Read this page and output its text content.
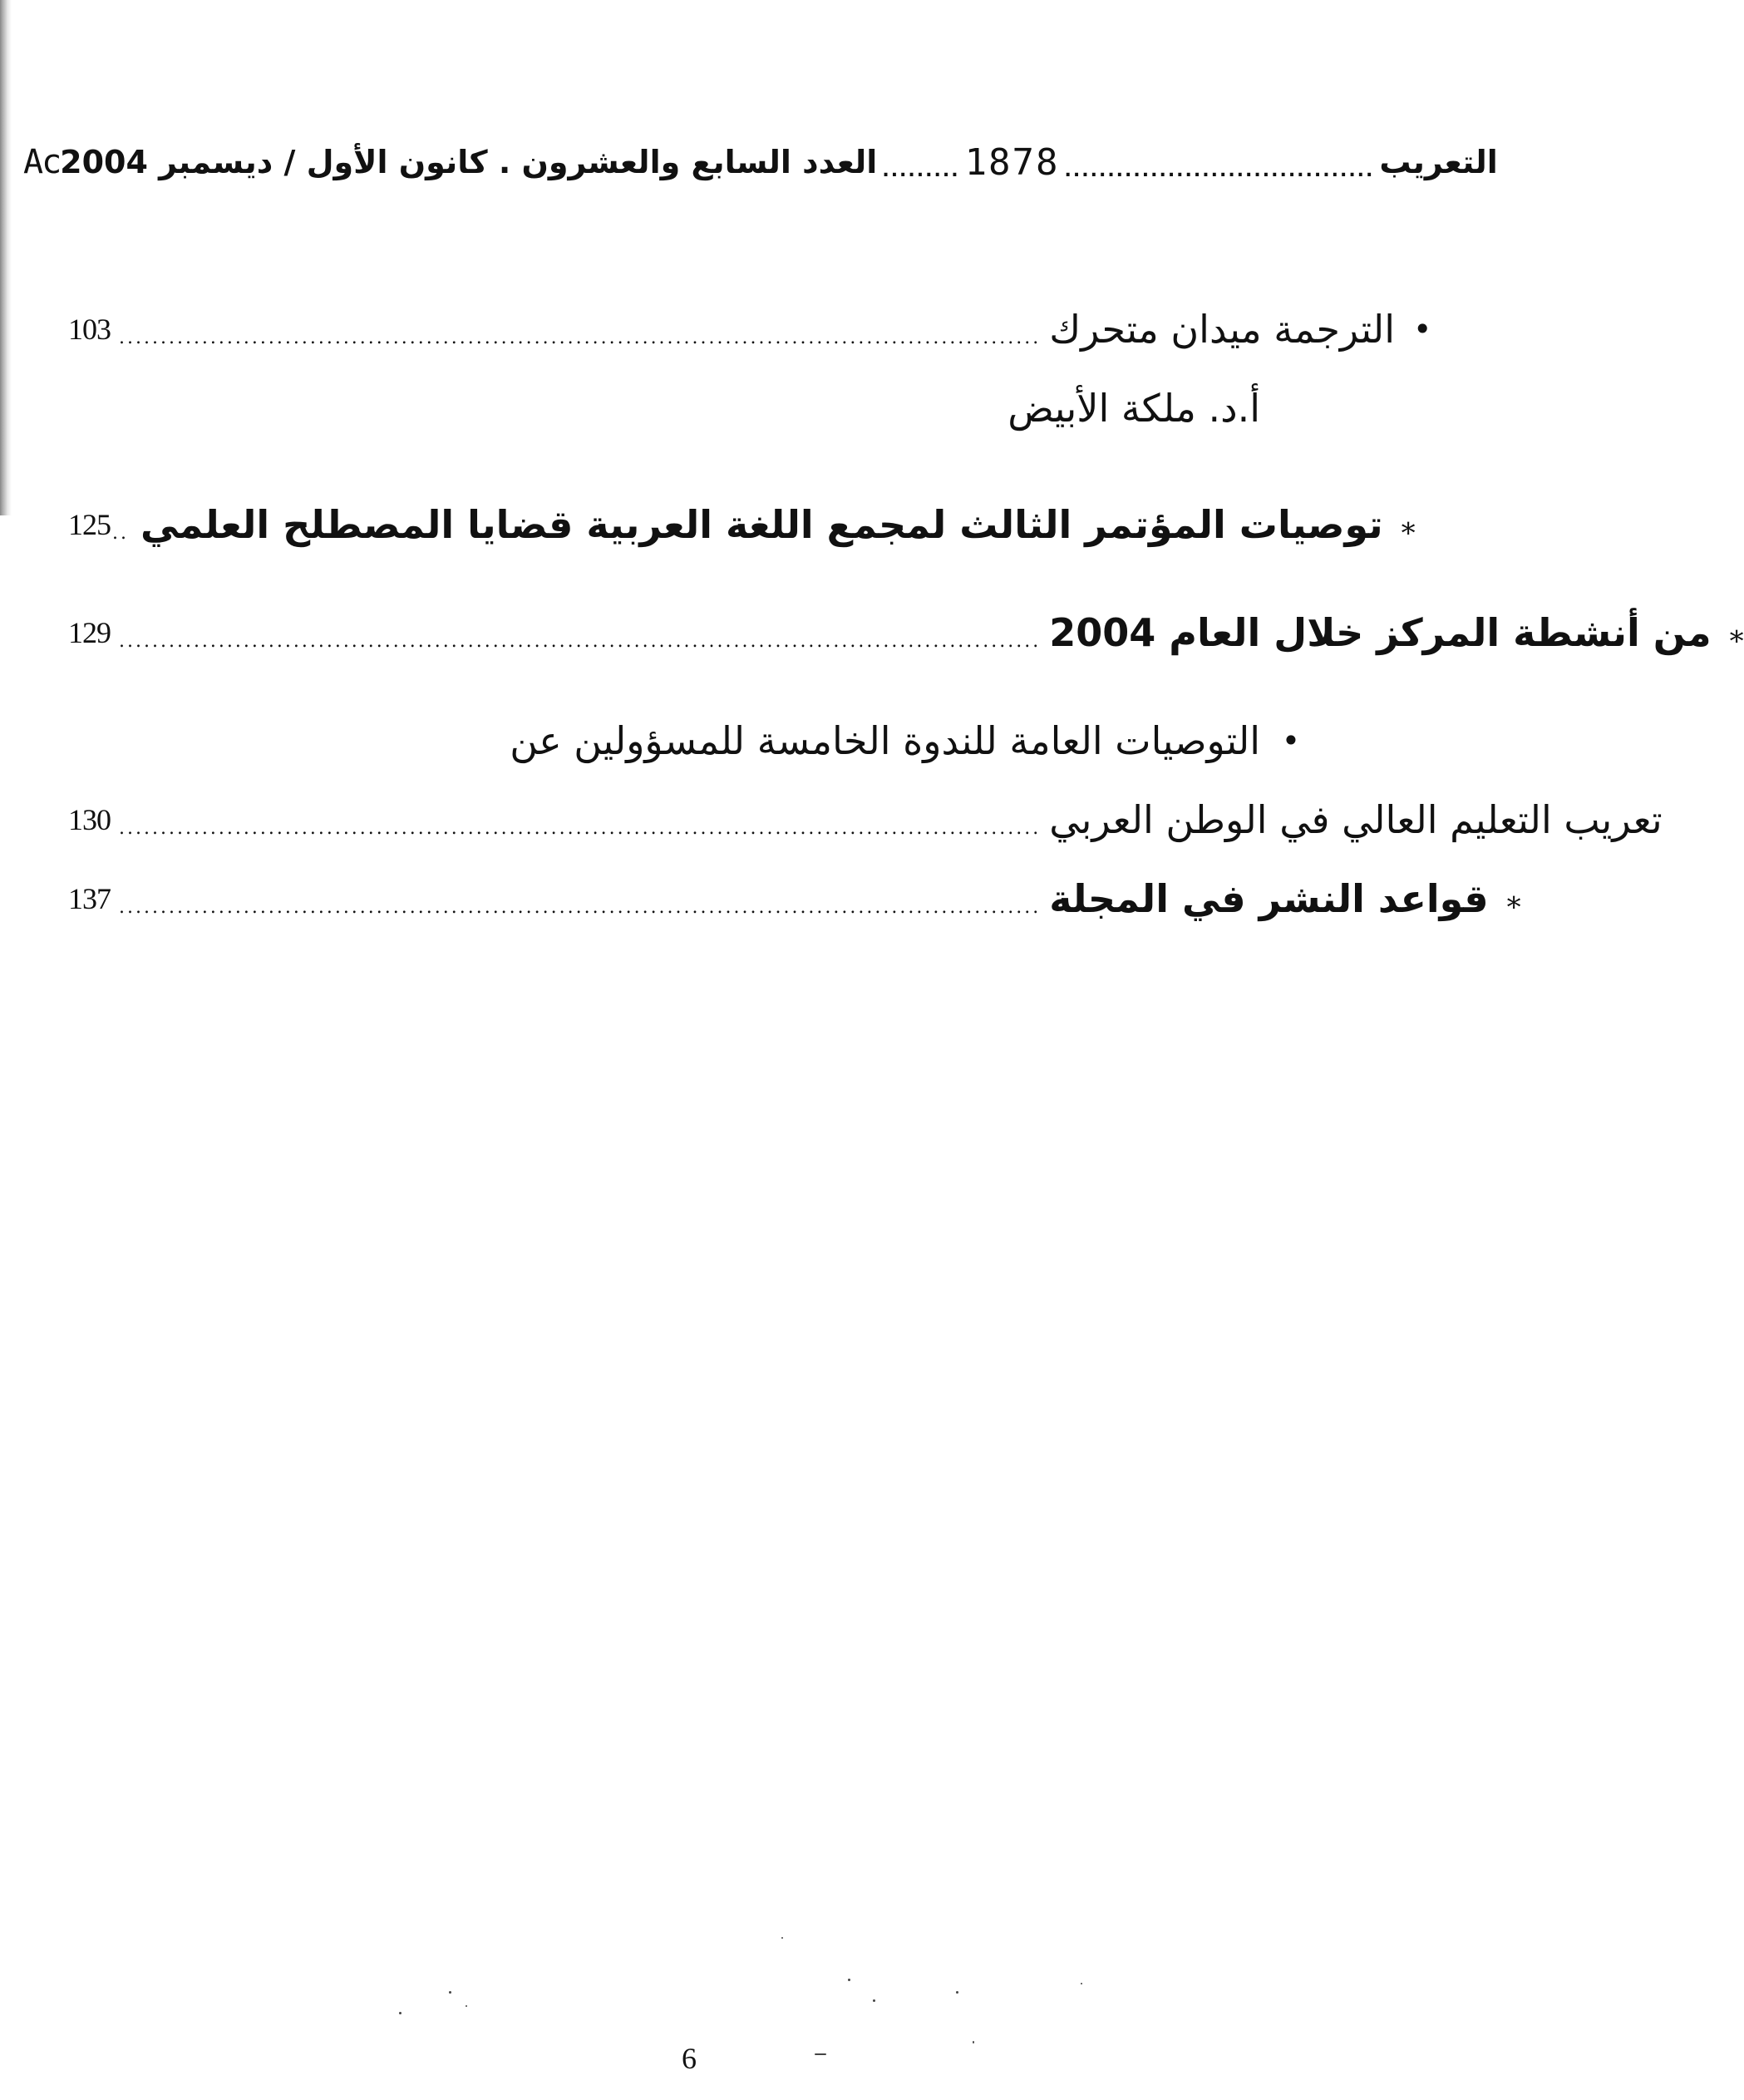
Ac العدد السابع والعشرون . كانون الأول / ديسمبر 2004 ......... 1878 .................................... التعريب
103 ............................................................................................................... الترجمة ميدان متحرك •
أ.د. ملكة الأبيض
125 .. توصيات المؤتمر الثالث لمجمع اللغة العربية قضايا المصطلح العلمي ⁎
129 ............................................................................................................... من أنشطة المركز خلال العام 2004 ⁎
التوصيات العامة للندوة الخامسة للمسؤولين عن •
130 ............................................................................................................... تعريب التعليم العالي في الوطن العربي
137 ............................................................................................................... قواعد النشر في المجلة ⁎
6
